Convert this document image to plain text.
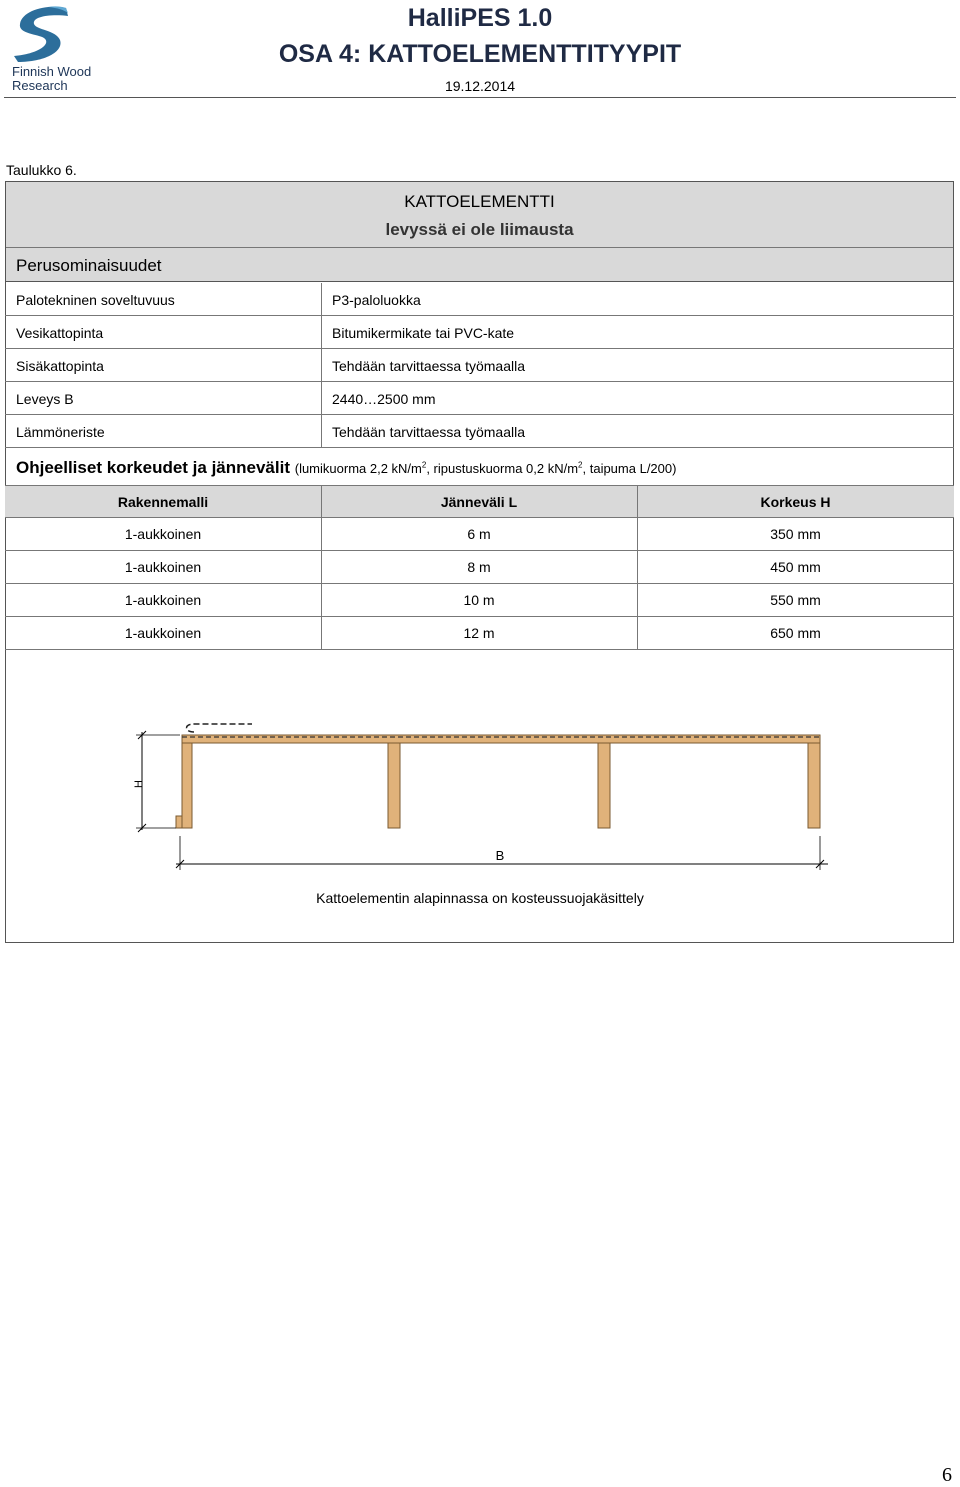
Finnish Wood
Research
HalliPES 1.0
OSA 4: KATTOELEMENTTITYYPIT
19.12.2014
Taulukko 6.
KATTOELEMENTTI
levyssä ei ole liimausta
Perusominaisuudet
Palotekninen soveltuvuus	P3-paloluokka
Vesikattopinta	Bitumikermikate tai PVC-kate
Sisäkattopinta	Tehdään tarvittaessa työmaalla
Leveys B	2440…2500 mm
Lämmöneriste	Tehdään tarvittaessa työmaalla
Ohjeelliset korkeudet ja jännevälit (lumikuorma 2,2 $kN/m^2$, ripustuskuorma 0,2 $kN/m^2$, taipuma L/200)
Rakennemalli	Jänneväli L	Korkeus H
1-aukkoinen	6 m	350 mm
1-aukkoinen	8 m	450 mm
1-aukkoinen	10 m	550 mm
1-aukkoinen	12 m	650 mm
H
B
Kattoelementin alapinnassa on kosteussuojakäsittely
6
